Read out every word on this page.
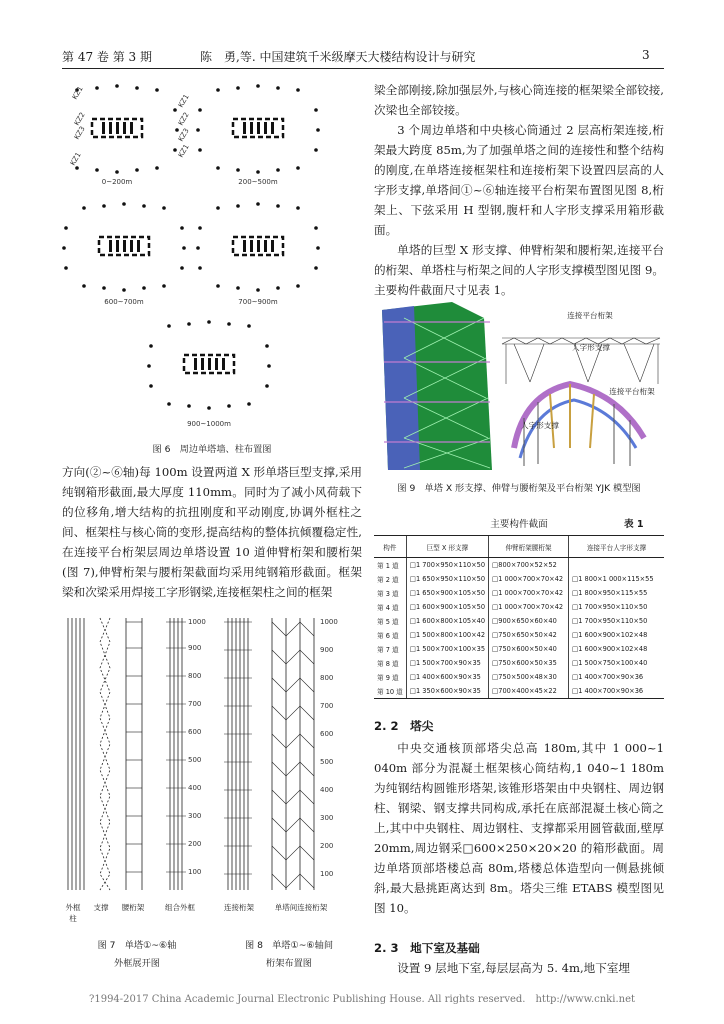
第 47 卷 第 3 期	陈　勇,等. 中国建筑千米级摩天大楼结构设计与研究	3
KZ1
KZ2
KZ3
KZ1
KZ1
KZ2
KZ3
KZ1
0~200m	200~500m
600~700m	700~900m
900~1000m
图 6　周边单塔墙、柱布置图

方向(②~⑥轴)每 100m 设置两道 X 形单塔巨型支撑,采用纯钢箱形截面,最大厚度 110mm。同时为了减小风荷载下的位移角,增大结构的抗扭刚度和平动刚度,协调外框柱之间、框架柱与核心筒的变形,提高结构的整体抗倾覆稳定性,在连接平台桁架层周边单塔设置 10 道伸臂桁架和腰桁架(图 7),伸臂桁架与腰桁架截面均采用纯钢箱形截面。框架梁和次梁采用焊接工字形钢梁,连接框架柱之间的框架

1000
900
800
700
600
500
400
300
200
100
外框柱
支撑	腰桁架	组合外框
图 7　单塔①~⑥轴
外框展开图
1000
900
800
700
600
500
400
300
200
100
连接桁架	单塔间连接桁架
图 8　单塔①~⑥轴间
桁架布置图

梁全部刚接,除加强层外,与核心筒连接的框架梁全部铰接,次梁也全部铰接。

3 个周边单塔和中央核心筒通过 2 层高桁架连接,桁架最大跨度 85m,为了加强单塔之间的连接性和整个结构的刚度,在单塔连接框架柱和连接桁架下设置四层高的人字形支撑,单塔间①~⑥轴连接平台桁架布置图见图 8,桁架上、下弦采用 H 型钢,腹杆和人字形支撑采用箱形截面。

单塔的巨型 X 形支撑、伸臂桁架和腰桁架,连接平台的桁架、单塔柱与桁架之间的人字形支撑模型图见图 9。主要构件截面尺寸见表 1。

连接平台桁架
人字形支撑
连接平台桁架
人字形支撑
图 9　单塔 X 形支撑、伸臂与腰桁架及平台桁架 YJK 模型图
主要构件截面	表 1
构件	巨型 X 形支撑	伸臂桁架腰桁架	连接平台人字形支撑
第 1 道	□1 700×950×110×50	□800×700×52×52	
第 2 道	□1 650×950×110×50	□1 000×700×70×42	□1 800×1 000×115×55
第 3 道	□1 650×900×105×50	□1 000×700×70×42	□1 800×950×115×55
第 4 道	□1 600×900×105×50	□1 000×700×70×42	□1 700×950×110×50
第 5 道	□1 600×800×105×40	□900×650×60×40	□1 700×950×110×50
第 6 道	□1 500×800×100×42	□750×650×50×42	□1 600×900×102×48
第 7 道	□1 500×700×100×35	□750×600×50×40	□1 600×900×102×48
第 8 道	□1 500×700×90×35	□750×600×50×35	□1 500×750×100×40
第 9 道	□1 400×600×90×35	□750×500×48×30	□1 400×700×90×36
第 10 道	□1 350×600×90×35	□700×400×45×22	□1 400×700×90×36
2. 2　塔尖

中央交通核顶部塔尖总高 180m,其中 1 000~1 040m 部分为混凝土框架核心筒结构,1 040~1 180m 为纯钢结构圆锥形塔架,该锥形塔架由中央钢柱、周边钢柱、钢梁、钢支撑共同构成,承托在底部混凝土核心筒之上,其中中央钢柱、周边钢柱、支撑都采用圆管截面,壁厚 20mm,周边钢采□600×250×20×20 的箱形截面。周边单塔顶部塔楼总高 80m,塔楼总体造型向一侧悬挑倾斜,最大悬挑距离达到 8m。塔尖三维 ETABS 模型图见图 10。

2. 3　地下室及基础

设置 9 层地下室,每层层高为 5. 4m,地下室埋

?1994-2017 China Academic Journal Electronic Publishing House. All rights reserved.　http://www.cnki.net
